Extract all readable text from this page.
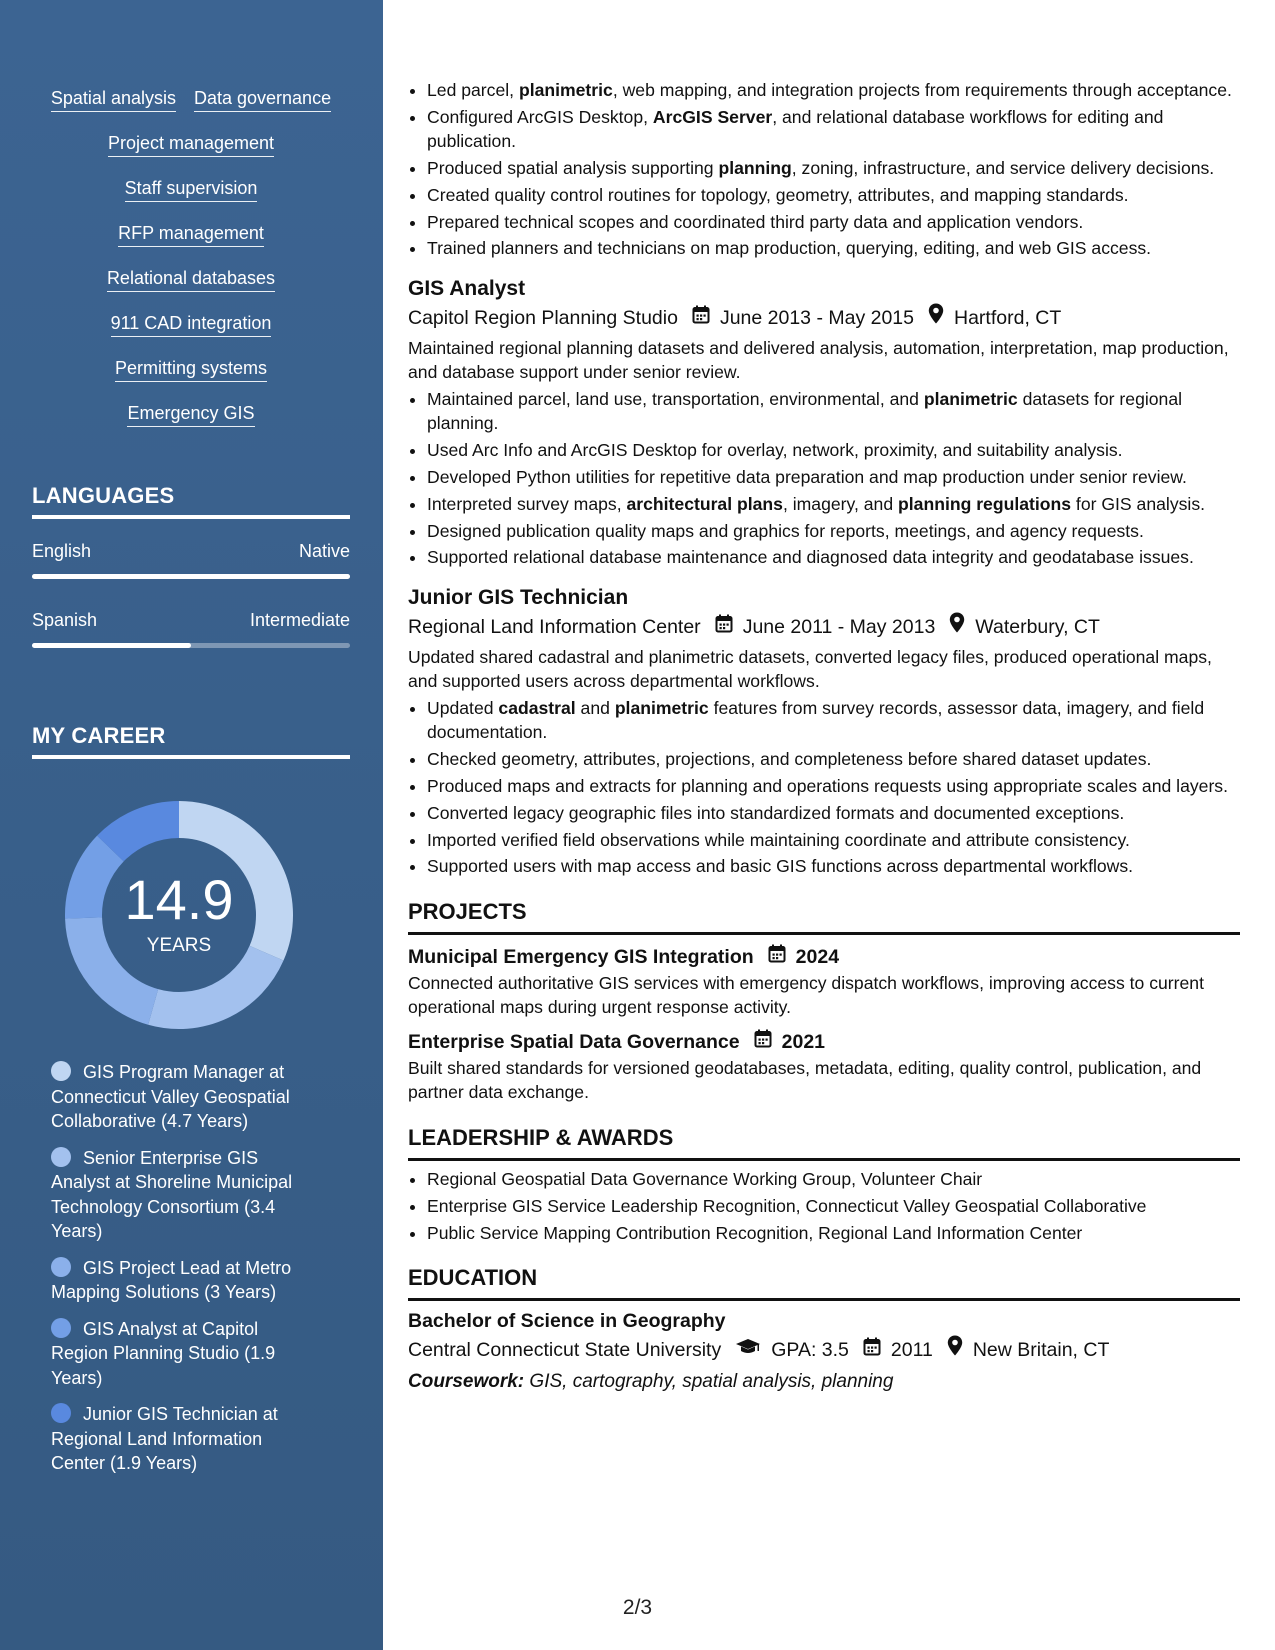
Spatial analysis Data governance
Project management
Staff supervision
RFP management
Relational databases
911 CAD integration
Permitting systems
Emergency GIS
LANGUAGES
English	Native
Spanish	Intermediate
MY CAREER
14.9
YEARS
GIS Program Manager at Connecticut Valley Geospatial Collaborative (4.7 Years)
Senior Enterprise GIS Analyst at Shoreline Municipal Technology Consortium (3.4 Years)
GIS Project Lead at Metro Mapping Solutions (3 Years)
GIS Analyst at Capitol Region Planning Studio (1.9 Years)
Junior GIS Technician at Regional Land Information Center (1.9 Years)
• Led parcel, planimetric, web mapping, and integration projects from requirements through acceptance.
• Configured ArcGIS Desktop, ArcGIS Server, and relational database workflows for editing and publication.
• Produced spatial analysis supporting planning, zoning, infrastructure, and service delivery decisions.
• Created quality control routines for topology, geometry, attributes, and mapping standards.
• Prepared technical scopes and coordinated third party data and application vendors.
• Trained planners and technicians on map production, querying, editing, and web GIS access.
GIS Analyst
Capitol Region Planning Studio June 2013 - May 2015 Hartford, CT
Maintained regional planning datasets and delivered analysis, automation, interpretation, map production, and database support under senior review.
• Maintained parcel, land use, transportation, environmental, and planimetric datasets for regional planning.
• Used Arc Info and ArcGIS Desktop for overlay, network, proximity, and suitability analysis.
• Developed Python utilities for repetitive data preparation and map production under senior review.
• Interpreted survey maps, architectural plans, imagery, and planning regulations for GIS analysis.
• Designed publication quality maps and graphics for reports, meetings, and agency requests.
• Supported relational database maintenance and diagnosed data integrity and geodatabase issues.
Junior GIS Technician
Regional Land Information Center June 2011 - May 2013 Waterbury, CT
Updated shared cadastral and planimetric datasets, converted legacy files, produced operational maps, and supported users across departmental workflows.
• Updated cadastral and planimetric features from survey records, assessor data, imagery, and field documentation.
• Checked geometry, attributes, projections, and completeness before shared dataset updates.
• Produced maps and extracts for planning and operations requests using appropriate scales and layers.
• Converted legacy geographic files into standardized formats and documented exceptions.
• Imported verified field observations while maintaining coordinate and attribute consistency.
• Supported users with map access and basic GIS functions across departmental workflows.
PROJECTS
Municipal Emergency GIS Integration 2024
Connected authoritative GIS services with emergency dispatch workflows, improving access to current operational maps during urgent response activity.
Enterprise Spatial Data Governance 2021
Built shared standards for versioned geodatabases, metadata, editing, quality control, publication, and partner data exchange.
LEADERSHIP & AWARDS
• Regional Geospatial Data Governance Working Group, Volunteer Chair
• Enterprise GIS Service Leadership Recognition, Connecticut Valley Geospatial Collaborative
• Public Service Mapping Contribution Recognition, Regional Land Information Center
EDUCATION
Bachelor of Science in Geography
Central Connecticut State University	GPA: 3.5 2011 New Britain, CT
Coursework: GIS, cartography, spatial analysis, planning
2/3
